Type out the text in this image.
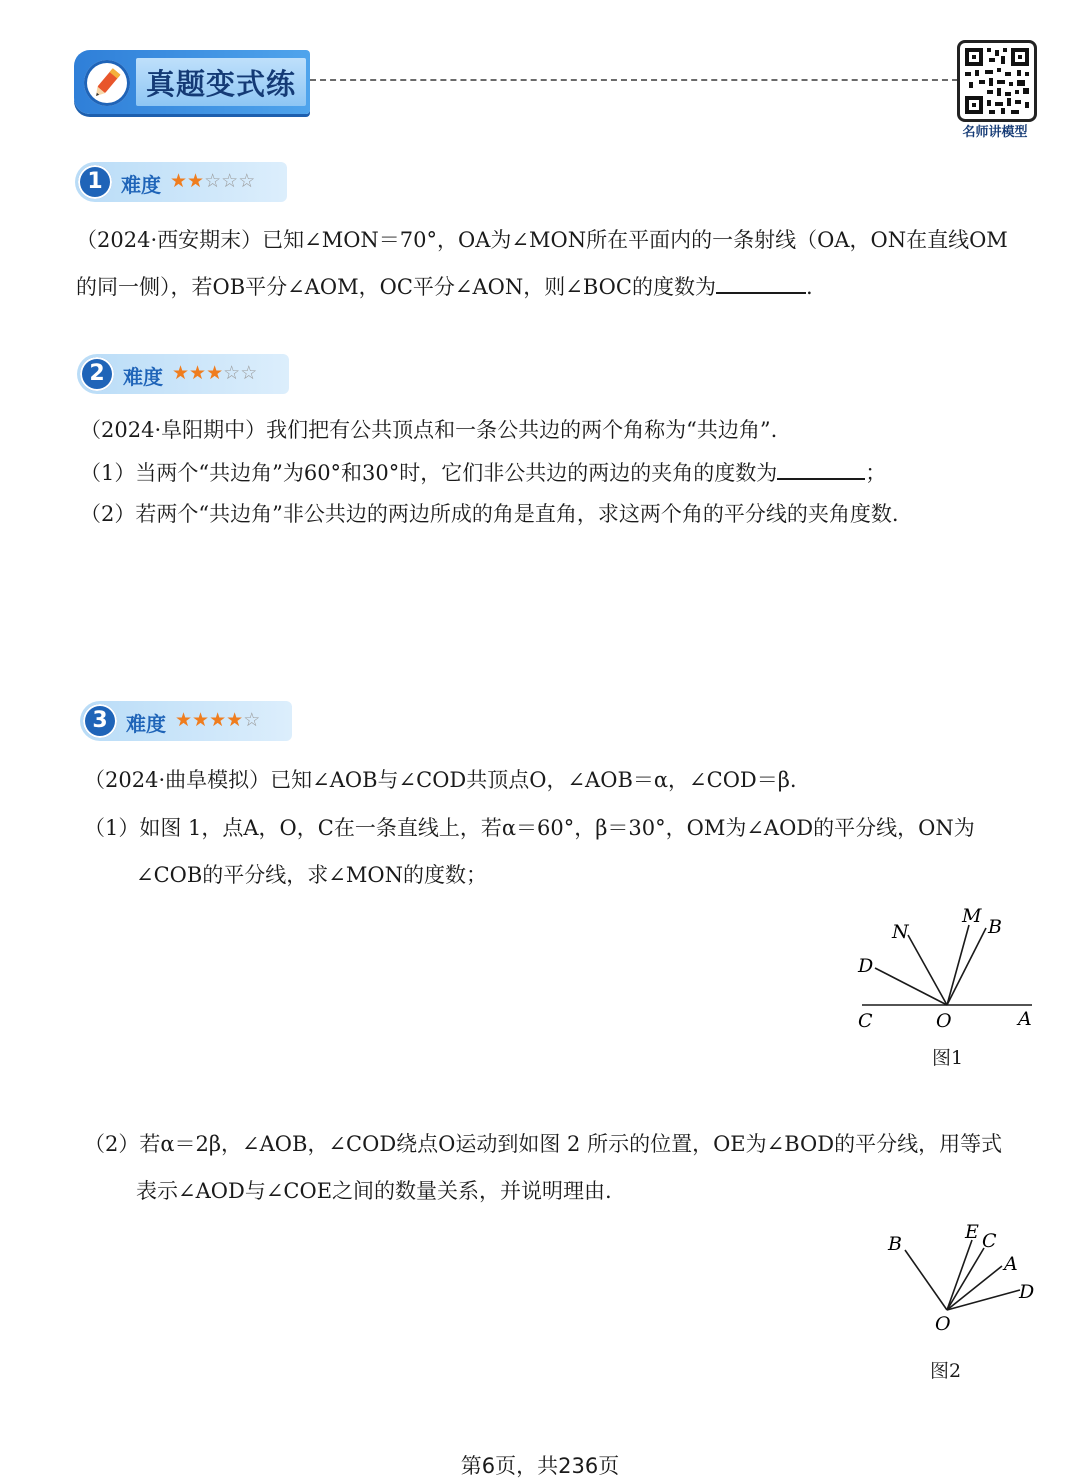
真题变式练
名师讲模型
1 难度 ★★☆☆☆
（2024·西安期末）已知∠MON＝70°，OA为∠MON所在平面内的一条射线（OA，ON在直线OM
的同一侧），若OB平分∠AOM，OC平分∠AON，则∠BOC的度数为	.
2 难度 ★★★☆☆
（2024·阜阳期中）我们把有公共顶点和一条公共边的两个角称为“共边角”.
（1）当两个“共边角”为60°和30°时，它们非公共边的两边的夹角的度数为	；
（2）若两个“共边角”非公共边的两边所成的角是直角，求这两个角的平分线的夹角度数.
3 难度 ★★★★☆
（2024·曲阜模拟）已知∠AOB与∠COD共顶点O，∠AOB＝α，∠COD＝β.
（1）如图 1，点A，O，C在一条直线上，若α＝60°，β＝30°，OM为∠AOD的平分线，ON为
∠COB的平分线，求∠MON的度数；
N
M B
D
C	O	A
图1
（2）若α＝2β，∠AOB，∠COD绕点O运动到如图 2 所示的位置，OE为∠BOD的平分线，用等式
表示∠AOD与∠COE之间的数量关系，并说明理由.
B
E C
A
D
O
图2
第6页，共236页
